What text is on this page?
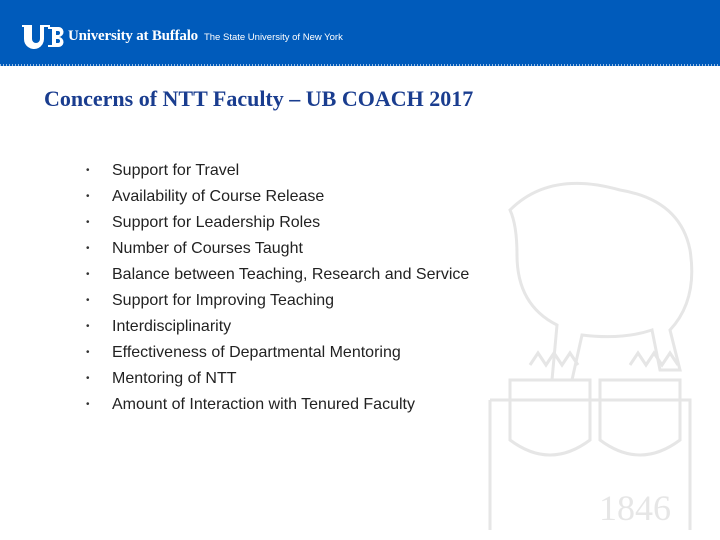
University at Buffalo The State University of New York
Concerns of NTT Faculty – UB COACH 2017
1846
• Support for Travel
• Availability of Course Release
• Support for Leadership Roles
• Number of Courses Taught
• Balance between Teaching, Research and Service
• Support for Improving Teaching
• Interdisciplinarity
• Effectiveness of Departmental Mentoring
• Mentoring of NTT
• Amount of Interaction with Tenured Faculty
